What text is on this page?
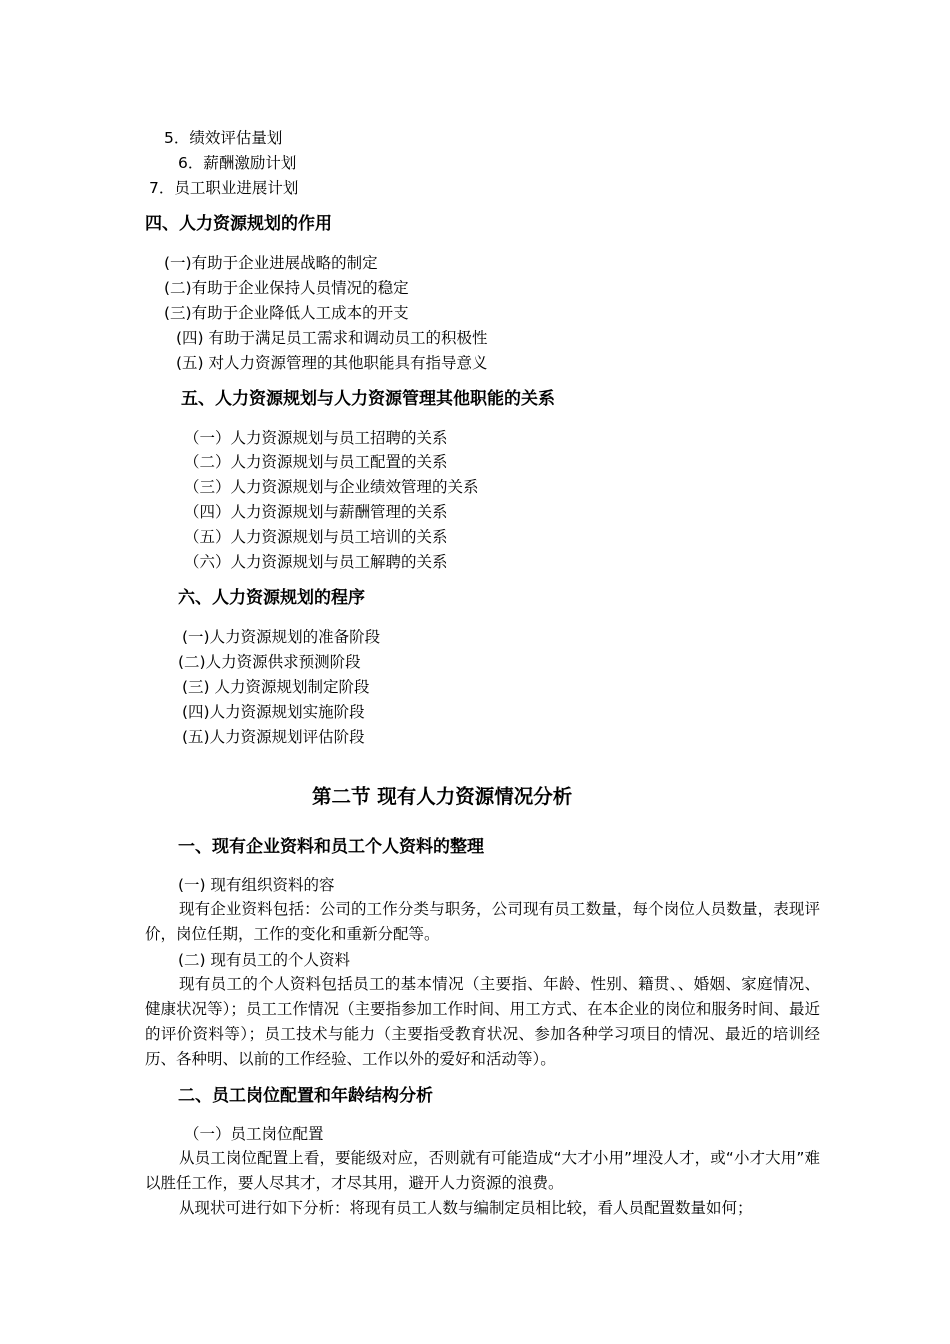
5．绩效评估量划
6．薪酬激励计划
7．员工职业进展计划
四、人力资源规划的作用
(一)有助于企业进展战略的制定
(二)有助于企业保持人员情况的稳定
(三)有助于企业降低人工成本的开支
(四) 有助于满足员工需求和调动员工的积极性
(五) 对人力资源管理的其他职能具有指导意义
五、人力资源规划与人力资源管理其他职能的关系
（一）人力资源规划与员工招聘的关系
（二）人力资源规划与员工配置的关系
（三）人力资源规划与企业绩效管理的关系
（四）人力资源规划与薪酬管理的关系
（五）人力资源规划与员工培训的关系
（六）人力资源规划与员工解聘的关系
六、人力资源规划的程序
(一)人力资源规划的准备阶段
(二)人力资源供求预测阶段
(三) 人力资源规划制定阶段
(四)人力资源规划实施阶段
(五)人力资源规划评估阶段
第二节 现有人力资源情况分析
一、现有企业资料和员工个人资料的整理
(一) 现有组织资料的容

现有企业资料包括：公司的工作分类与职务，公司现有员工数量，每个岗位人员数量，表现评价，岗位任期，工作的变化和重新分配等。

(二) 现有员工的个人资料

现有员工的个人资料包括员工的基本情况（主要指、年龄、性别、籍贯、、婚姻、家庭情况、健康状况等）；员工工作情况（主要指参加工作时间、用工方式、在本企业的岗位和服务时间、最近的评价资料等）；员工技术与能力（主要指受教育状况、参加各种学习项目的情况、最近的培训经历、各种明、以前的工作经验、工作以外的爱好和活动等）。

二、员工岗位配置和年龄结构分析
（一）员工岗位配置

从员工岗位配置上看，要能级对应，否则就有可能造成“大才小用”埋没人才，或“小才大用”难以胜任工作，要人尽其才，才尽其用，避开人力资源的浪费。

从现状可进行如下分析：将现有员工人数与编制定员相比较，看人员配置数量如何；
